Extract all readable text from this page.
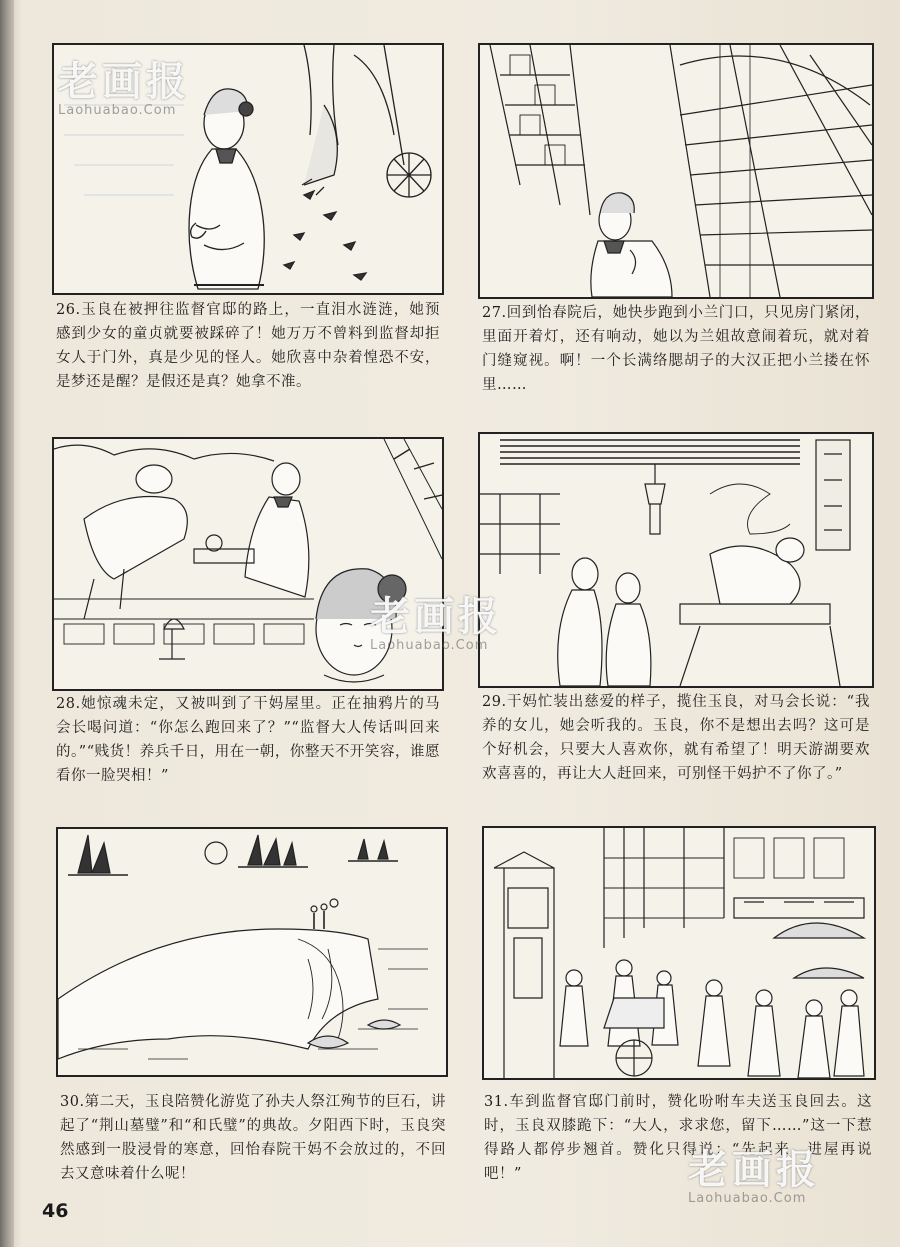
26.玉良在被押往监督官邸的路上，一直泪水涟涟，她预感到少女的童贞就要被踩碎了！她万万不曾料到监督却拒女人于门外，真是少见的怪人。她欣喜中杂着惶恐不安，是梦还是醒？是假还是真？她拿不准。
27.回到怡春院后，她快步跑到小兰门口，只见房门紧闭，里面开着灯，还有响动，她以为兰姐故意闹着玩，就对着门缝窥视。啊！一个长满络腮胡子的大汉正把小兰搂在怀里……
28.她惊魂未定，又被叫到了干妈屋里。正在抽鸦片的马会长喝问道：“你怎么跑回来了？”“监督大人传话叫回来的。”“贱货！养兵千日，用在一朝，你整天不开笑容，谁愿看你一脸哭相！”
29.干妈忙装出慈爱的样子，揽住玉良，对马会长说：“我养的女儿，她会听我的。玉良，你不是想出去吗？这可是个好机会，只要大人喜欢你，就有希望了！明天游湖要欢欢喜喜的，再让大人赶回来，可别怪干妈护不了你了。”
30.第二天，玉良陪赞化游览了孙夫人祭江殉节的巨石，讲起了“荆山墓璧”和“和氏璧”的典故。夕阳西下时，玉良突然感到一股浸骨的寒意，回怡春院干妈不会放过的，不回去又意味着什么呢！
31.车到监督官邸门前时，赞化吩咐车夫送玉良回去。这时，玉良双膝跪下：“大人，求求您，留下……”这一下惹得路人都停步翘首。赞化只得说：“先起来，进屋再说吧！”
老画报
Laohuabao.Com
老画报
Laohuabao.Com
老画报
Laohuabao.Com
46
